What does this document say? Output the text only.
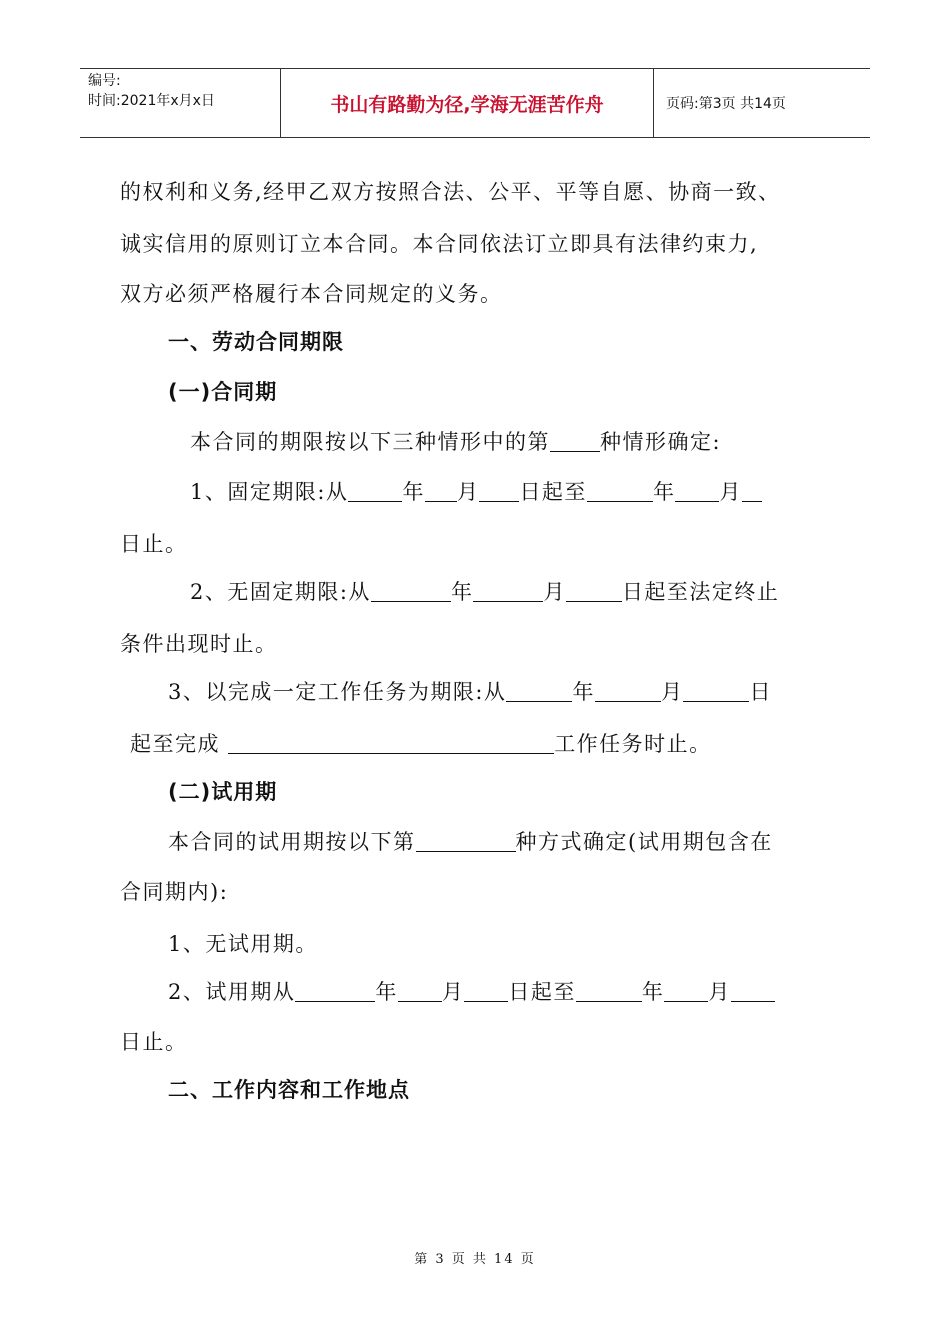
编号:
时间:2021年x月x日	书山有路勤为径,学海无涯苦作舟	页码:第3页 共14页
的权利和义务,经甲乙双方按照合法、公平、平等自愿、协商一致、
诚实信用的原则订立本合同。本合同依法订立即具有法律约束力,
双方必须严格履行本合同规定的义务。
一、劳动合同期限
(一)合同期
本合同的期限按以下三种情形中的第 种情形确定:
1、固定期限:从	年 月 日起至	年 月
日止。
2、无固定期限:从	年	月	日起至法定终止
条件出现时止。
3、以完成一定工作任务为期限:从	年	月	日
起至完成	工作任务时止。
(二)试用期
本合同的试用期按以下第	种方式确定(试用期包含在
合同期内):
1、无试用期。
2、试用期从	年 月 日起至	年 月
日止。
二、工作内容和工作地点
第 3 页 共 14 页
